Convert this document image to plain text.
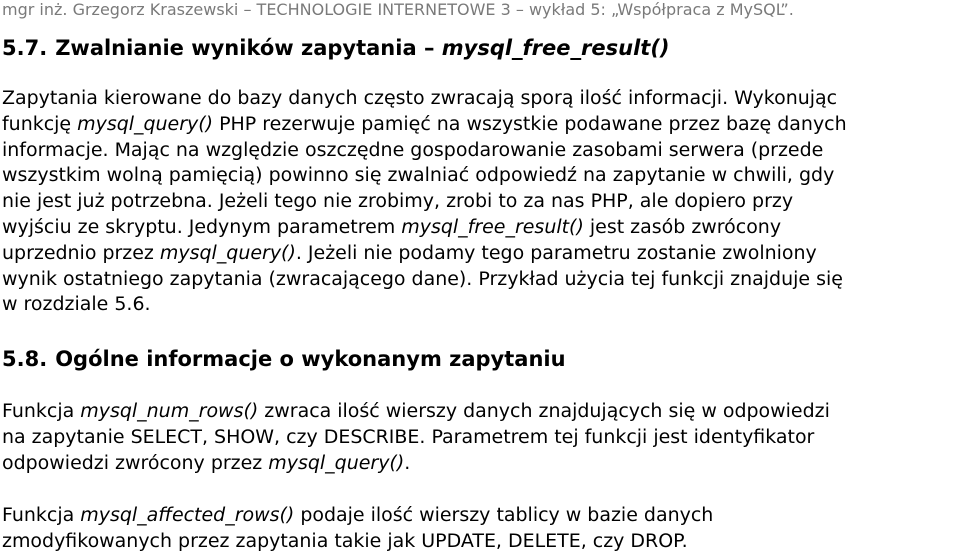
mgr inż. Grzegorz Kraszewski – TECHNOLOGIE INTERNETOWE 3 – wykład 5: „Współpraca z MySQL”.
5.7. Zwalnianie wyników zapytania – mysql_free_result()
Zapytania kierowane do bazy danych często zwracają sporą ilość informacji. Wykonując
funkcję mysql_query() PHP rezerwuje pamięć na wszystkie podawane przez bazę danych
informacje. Mając na względzie oszczędne gospodarowanie zasobami serwera (przede
wszystkim wolną pamięcią) powinno się zwalniać odpowiedź na zapytanie w chwili, gdy
nie jest już potrzebna. Jeżeli tego nie zrobimy, zrobi to za nas PHP, ale dopiero przy
wyjściu ze skryptu. Jedynym parametrem mysql_free_result() jest zasób zwrócony
uprzednio przez mysql_query(). Jeżeli nie podamy tego parametru zostanie zwolniony
wynik ostatniego zapytania (zwracającego dane). Przykład użycia tej funkcji znajduje się
w rozdziale 5.6.
5.8. Ogólne informacje o wykonanym zapytaniu
Funkcja mysql_num_rows() zwraca ilość wierszy danych znajdujących się w odpowiedzi
na zapytanie SELECT, SHOW, czy DESCRIBE. Parametrem tej funkcji jest identyfikator
odpowiedzi zwrócony przez mysql_query().
Funkcja mysql_affected_rows() podaje ilość wierszy tablicy w bazie danych
zmodyfikowanych przez zapytania takie jak UPDATE, DELETE, czy DROP.
